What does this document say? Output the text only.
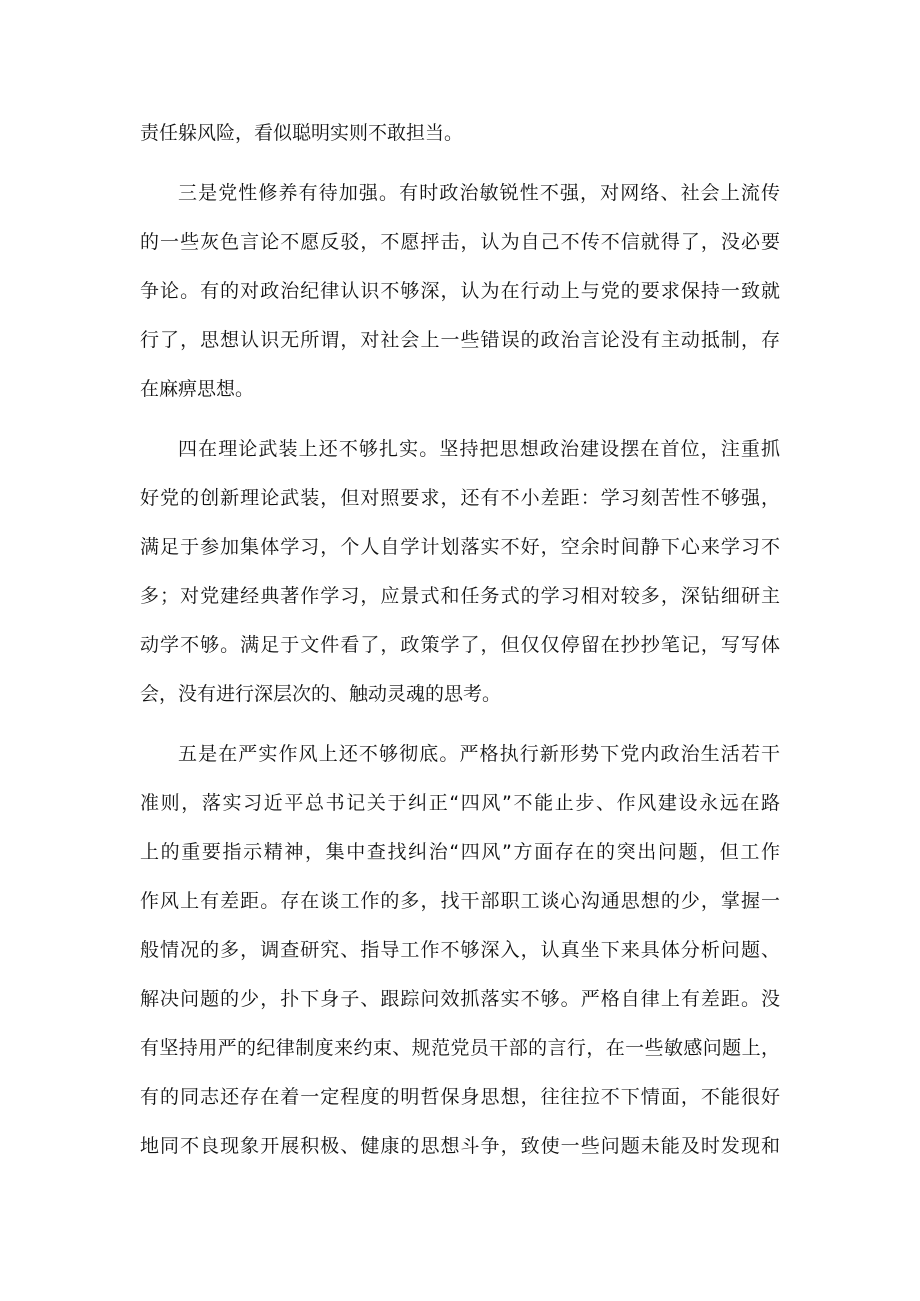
责任躲风险，看似聪明实则不敢担当。
三是党性修养有待加强。有时政治敏锐性不强，对网络、社会上流传
的一些灰色言论不愿反驳，不愿抨击，认为自己不传不信就得了，没必要
争论。有的对政治纪律认识不够深，认为在行动上与党的要求保持一致就
行了，思想认识无所谓，对社会上一些错误的政治言论没有主动抵制，存
在麻痹思想。
四在理论武装上还不够扎实。坚持把思想政治建设摆在首位，注重抓
好党的创新理论武装，但对照要求，还有不小差距：学习刻苦性不够强，
满足于参加集体学习，个人自学计划落实不好，空余时间静下心来学习不
多；对党建经典著作学习，应景式和任务式的学习相对较多，深钻细研主
动学不够。满足于文件看了，政策学了，但仅仅停留在抄抄笔记，写写体
会，没有进行深层次的、触动灵魂的思考。
五是在严实作风上还不够彻底。严格执行新形势下党内政治生活若干
准则，落实习近平总书记关于纠正“四风”不能止步、作风建设永远在路
上的重要指示精神，集中查找纠治“四风”方面存在的突出问题，但工作
作风上有差距。存在谈工作的多，找干部职工谈心沟通思想的少，掌握一
般情况的多，调查研究、指导工作不够深入，认真坐下来具体分析问题、
解决问题的少，扑下身子、跟踪问效抓落实不够。严格自律上有差距。没
有坚持用严的纪律制度来约束、规范党员干部的言行，在一些敏感问题上，
有的同志还存在着一定程度的明哲保身思想，往往拉不下情面，不能很好
地同不良现象开展积极、健康的思想斗争，致使一些问题未能及时发现和
